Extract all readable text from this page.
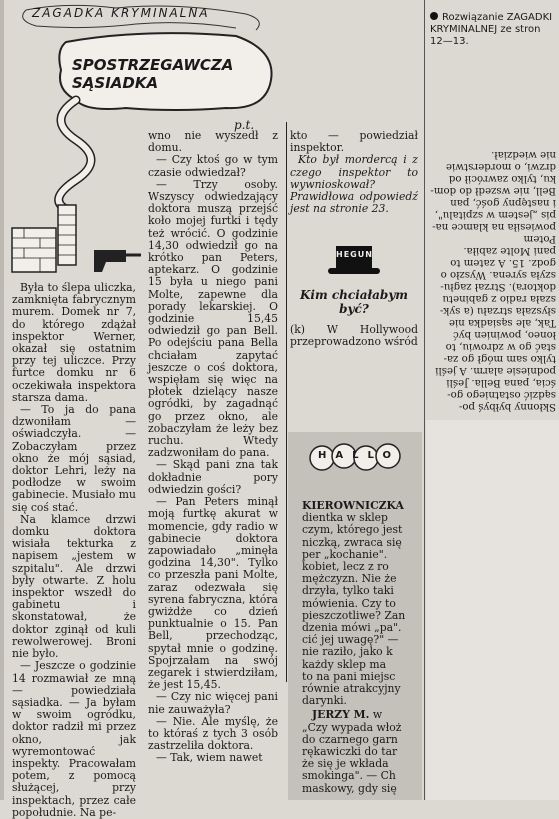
ZAGADKA KRYMINALNA
SPOSTRZEGAWCZA SĄSIADKA
p.t.

Była to ślepa uliczka, zamknięta fabrycznym murem. Domek nr 7, do którego zdążał inspektor Werner, okazał się ostatnim przy tej uliczce. Przy furtce domku nr 6 oczekiwała inspektora starsza dama.

— To ja do pana dzwoniłam — oświadczyła. — Zobaczyłam przez okno że mój sąsiad, doktor Lehri, leży na podłodze w swoim gabinecie. Musiało mu się coś stać.

Na klamce drzwi domku doktora wisiała tekturka z napisem „jestem w szpitalu". Ale drzwi były otwarte. Z holu inspektor wszedł do gabinetu i skonstatował, że doktor zginął od kuli rewolwerowej. Broni nie było.

— Jeszcze o godzinie 14 rozmawiał ze mną — powiedziała sąsiadka. — Ja byłam w swoim ogródku, doktor radził mi przez okno, jak wyremontować inspekty. Pracowałam potem, z pomocą służącej, przy inspektach, przez całe popołudnie. Na pe-

wno nie wyszedł z domu.

— Czy ktoś go w tym czasie odwiedzał?

— Trzy osoby. Wszyscy odwiedzający doktora muszą przejść koło mojej furtki i tędy też wrócić. O godzinie 14,30 odwiedził go na krótko pan Peters, aptekarz. O godzinie 15 była u niego pani Molte, zapewne dla porady lekarskiej. O godzinie 15,45 odwiedził go pan Bell. Po odejściu pana Bella chciałam zapytać jeszcze o coś doktora, wspięłam się więc na płotek dzielący nasze ogródki, by zagadnąć go przez okno, ale zobaczyłam że leży bez ruchu. Wtedy zadzwoniłam do pana.

— Skąd pani zna tak dokładnie pory odwiedzin gości?

— Pan Peters minął moją furtkę akurat w momencie, gdy radio w gabinecie doktora zapowiadało „minęła godzina 14,30". Tylko co przeszła pani Molte, zaraz odezwała się syrena fabryczna, która gwiżdże co dzień punktualnie o 15. Pan Bell, przechodząc, spytał mnie o godzinę. Spojrzałam na swój zegarek i stwierdziłam, że jest 15,45.

— Czy nic więcej pani nie zauważyła?

— Nie. Ale myślę, że to któraś z tych 3 osób zastrzeliła doktora.

— Tak, wiem nawet

kto — powiedział inspektor.

Kto był mordercą i z czego inspektor to wywnioskował? Prawidłowa odpowiedź jest na stronie 23.

HEGUN
Kim chciałabym być?
(k) W Hollywood przeprowadzono wśród
HALLO
KIEROWNICZKA
dientka w sklep
czym, którego jest
niczką, zwraca się
per „kochanie".
kobiet, lecz z ro
mężczyzn. Nie że
drzyła, tylko taki
mówienia. Czy to
pieszczotliwe? Zan
dzenia mówi „pa".
cić jej uwagę?" —
nie raziło, jako k
każdy sklep ma
to na pani miejsc
równie atrakcyjny
darynki.
JERZY M. w
„Czy wypada włoż
do czarnego garn
rękawiczki do tar
że się je wkłada
smokinga". — Ch
maskowy, gdy się
Rozwiązanie ZAGADKI KRYMINALNEJ ze stron 12—13.
Skłonny byłbyś po-
sądzić ostatniego go-
ścia, pana Bella. Jeśli
podniesie alarm. A jeśli
tylko sam mógł go za-
stać go w zdrowiu, to
łoneo, powinien być
Tak, ale sąsiadka nie
słyszała strzału (a syk-
szała radio z gabinetu
doktora). Strzał zagłu-
szyła syrena. Wyszło o
godz. 15. A zatem to
pani Molte zabiła. Potem
powiesiła na klamce na-
pis „jestem w szpitalu",
i następny gość, pan
Bell, nie wszedł do dom-
ku, tylko zawrócił od
drzwi, o morderstwie
nie wiedział.
